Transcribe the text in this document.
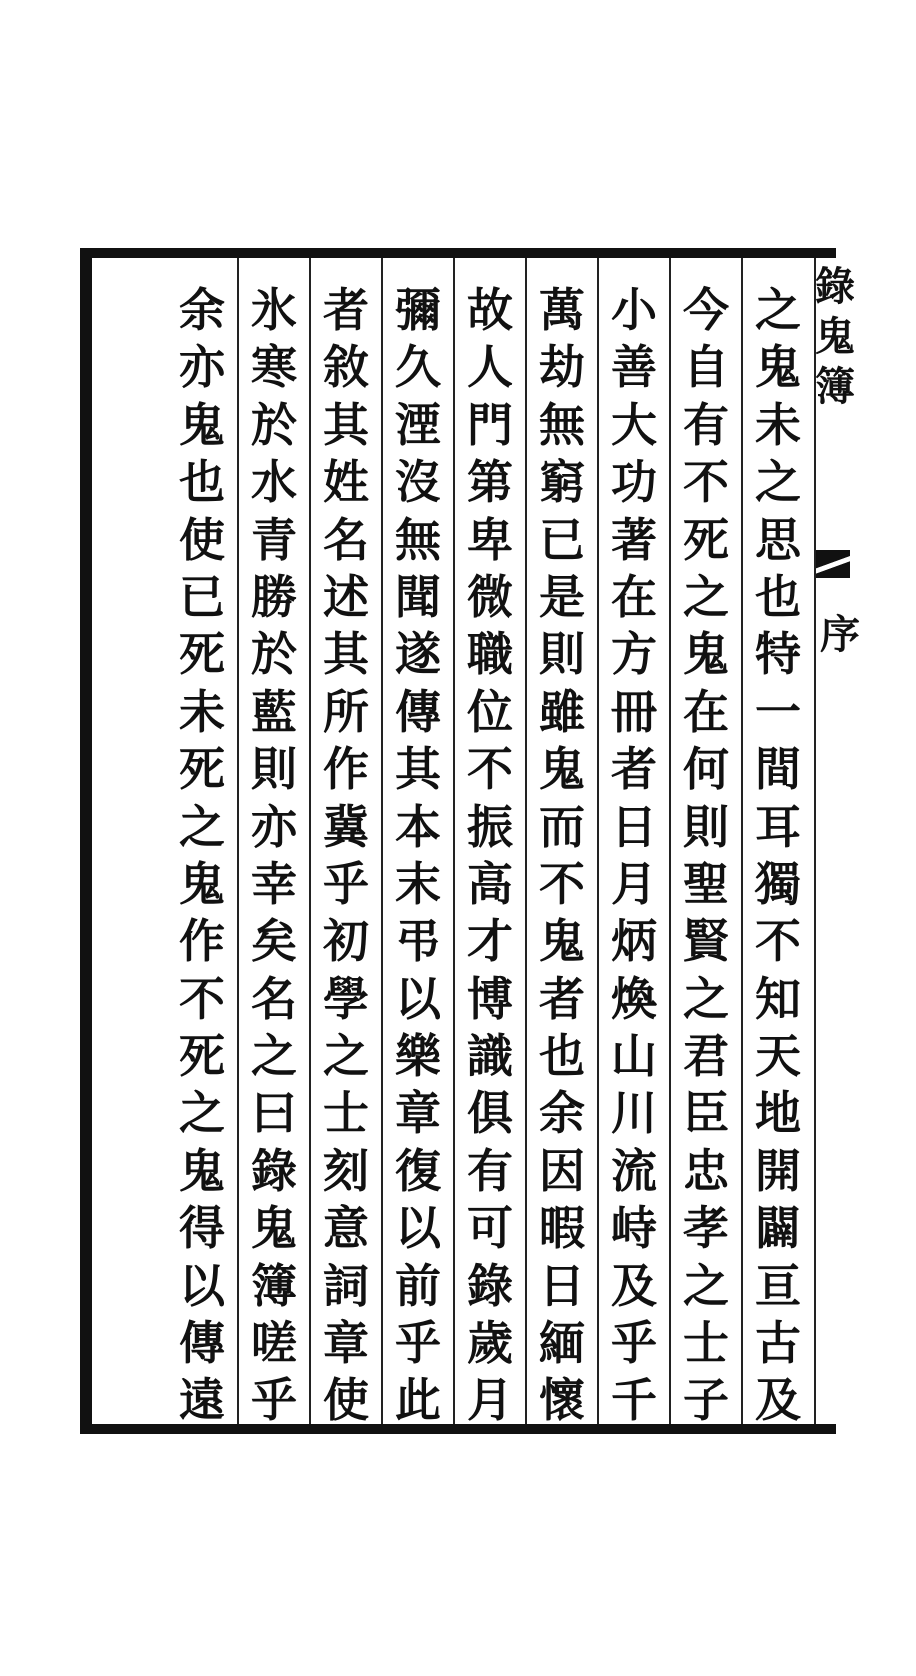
錄
鬼
簿
序
之
鬼
未
之
思
也
特
一
間
耳
獨
不
知
天
地
開
闢
亘
古
及
今
自
有
不
死
之
鬼
在
何
則
聖
賢
之
君
臣
忠
孝
之
士
子
小
善
大
功
著
在
方
冊
者
日
月
炳
煥
山
川
流
峙
及
乎
千
萬
劫
無
窮
已
是
則
雖
鬼
而
不
鬼
者
也
余
因
暇
日
緬
懷
故
人
門
第
卑
微
職
位
不
振
高
才
博
識
俱
有
可
錄
歲
月
彌
久
湮
沒
無
聞
遂
傳
其
本
末
弔
以
樂
章
復
以
前
乎
此
者
敘
其
姓
名
述
其
所
作
冀
乎
初
學
之
士
刻
意
詞
章
使
氷
寒
於
水
青
勝
於
藍
則
亦
幸
矣
名
之
曰
錄
鬼
簿
嗟
乎
余
亦
鬼
也
使
已
死
未
死
之
鬼
作
不
死
之
鬼
得
以
傳
遠
